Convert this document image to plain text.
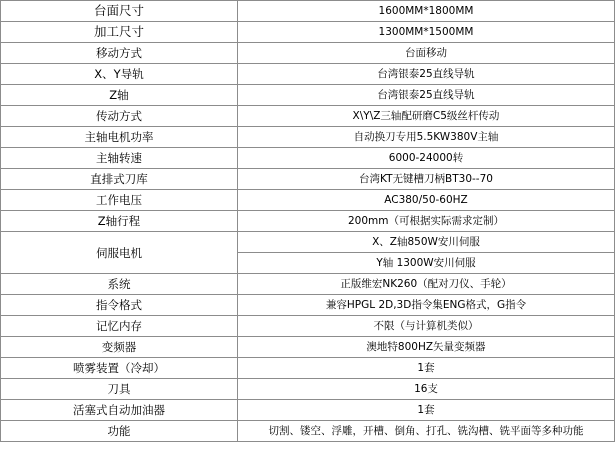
台面尺寸	1600MM*1800MM
加工尺寸	1300MM*1500MM
移动方式	台面移动
X、Y导轨	台湾银泰25直线导轨
Z轴	台湾银泰25直线导轨
传动方式	X\Y\Z三轴配研磨C5级丝杆传动
主轴电机功率	自动换刀专用5.5KW380V主轴
主轴转速	6000-24000转
直排式刀库	台湾KT无键槽刀柄BT30--70
工作电压	AC380/50-60HZ
Z轴行程	200mm（可根据实际需求定制）
伺服电机	X、Z轴850W安川伺服
	Y轴 1300W安川伺服
系统	正版维宏NK260（配对刀仪、手轮）
指令格式	兼容HPGL 2D,3D指令集ENG格式，G指令
记忆内存	不限（与计算机类似）
变频器	澳地特800HZ矢量变频器
喷雾装置（冷却）	1套
刀具	16支
活塞式自动加油器	1套
功能	切割、镂空、浮雕，开槽、倒角、打孔、铣沟槽、铣平面等多种功能
